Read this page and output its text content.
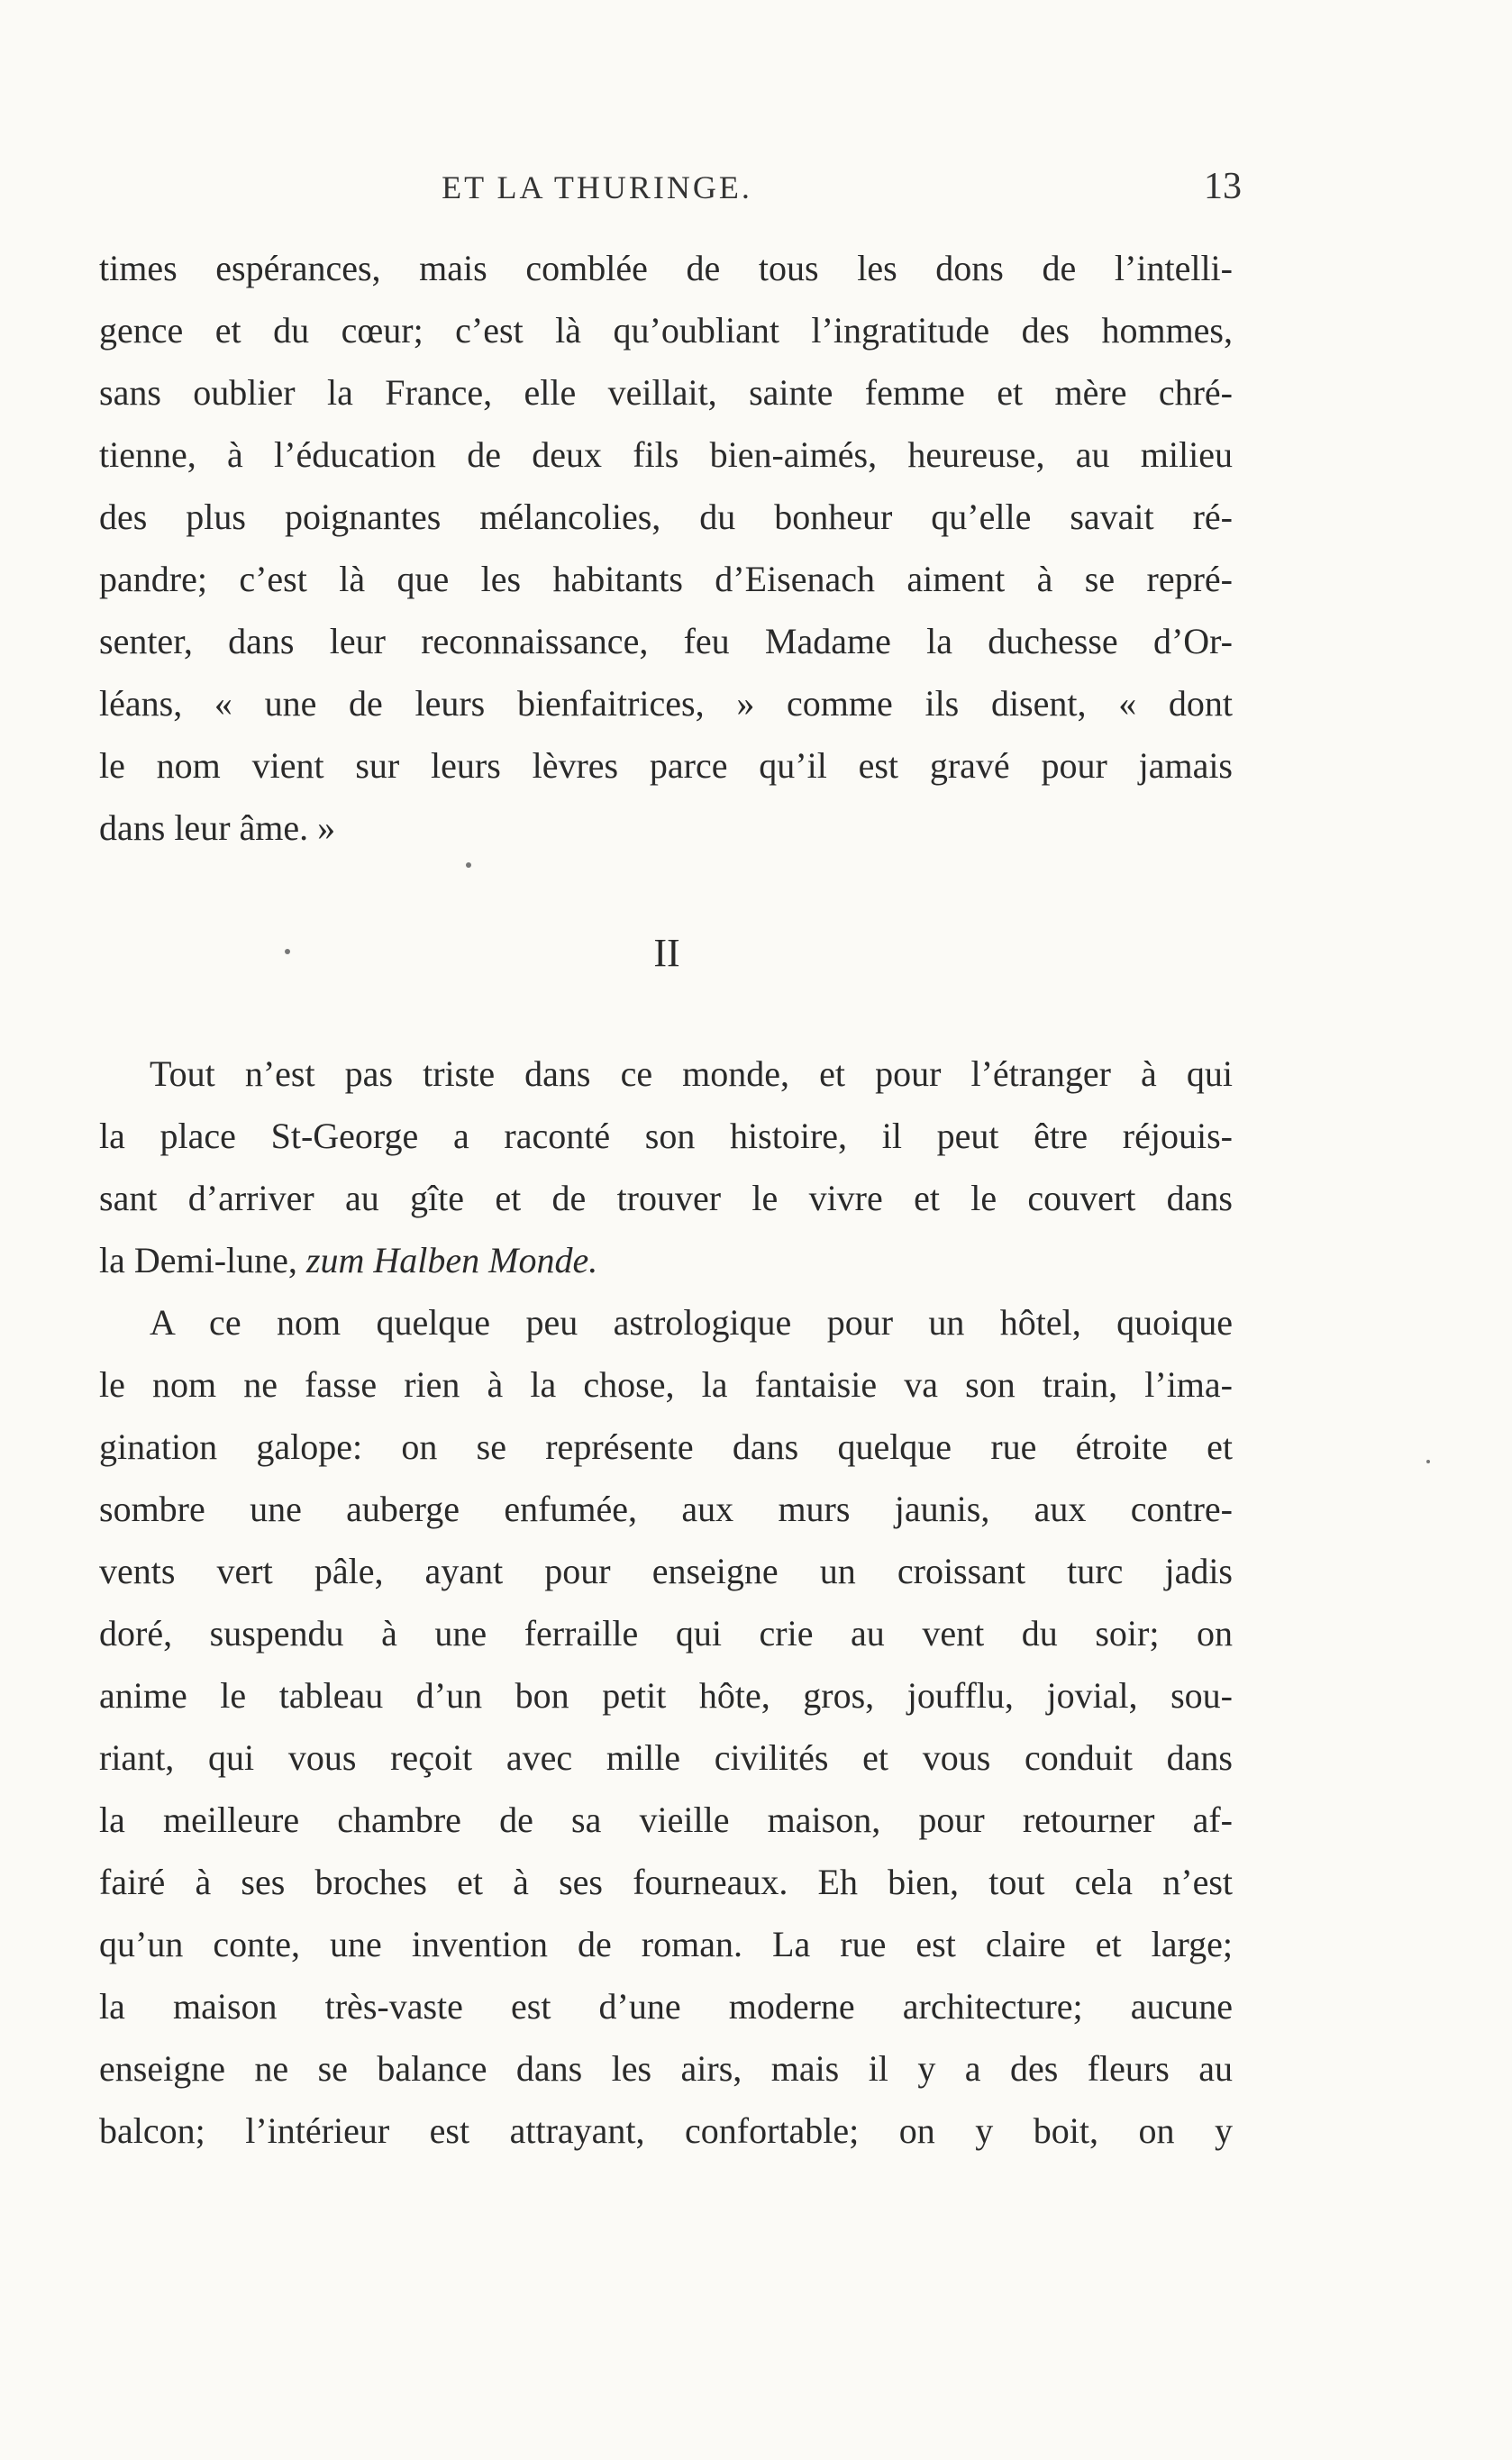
ET LA THURINGE.	13
times espérances, mais comblée de tous les dons de l’intelli-
gence et du cœur; c’est là qu’oubliant l’ingratitude des hommes,
sans oublier la France, elle veillait, sainte femme et mère chré-
tienne, à l’éducation de deux fils bien-aimés, heureuse, au milieu
des plus poignantes mélancolies, du bonheur qu’elle savait ré-
pandre; c’est là que les habitants d’Eisenach aiment à se repré-
senter, dans leur reconnaissance, feu Madame la duchesse d’Or-
léans, « une de leurs bienfaitrices, » comme ils disent, « dont
le nom vient sur leurs lèvres parce qu’il est gravé pour jamais
dans leur âme. »
II
Tout n’est pas triste dans ce monde, et pour l’étranger à qui
la place St-George a raconté son histoire, il peut être réjouis-
sant d’arriver au gîte et de trouver le vivre et le couvert dans
la Demi-lune, zum Halben Monde.
A ce nom quelque peu astrologique pour un hôtel, quoique
le nom ne fasse rien à la chose, la fantaisie va son train, l’ima-
gination galope: on se représente dans quelque rue étroite et
sombre une auberge enfumée, aux murs jaunis, aux contre-
vents vert pâle, ayant pour enseigne un croissant turc jadis
doré, suspendu à une ferraille qui crie au vent du soir; on
anime le tableau d’un bon petit hôte, gros, joufflu, jovial, sou-
riant, qui vous reçoit avec mille civilités et vous conduit dans
la meilleure chambre de sa vieille maison, pour retourner af-
fairé à ses broches et à ses fourneaux. Eh bien, tout cela n’est
qu’un conte, une invention de roman. La rue est claire et large;
la maison très-vaste est d’une moderne architecture; aucune
enseigne ne se balance dans les airs, mais il y a des fleurs au
balcon; l’intérieur est attrayant, confortable; on y boit, on y
